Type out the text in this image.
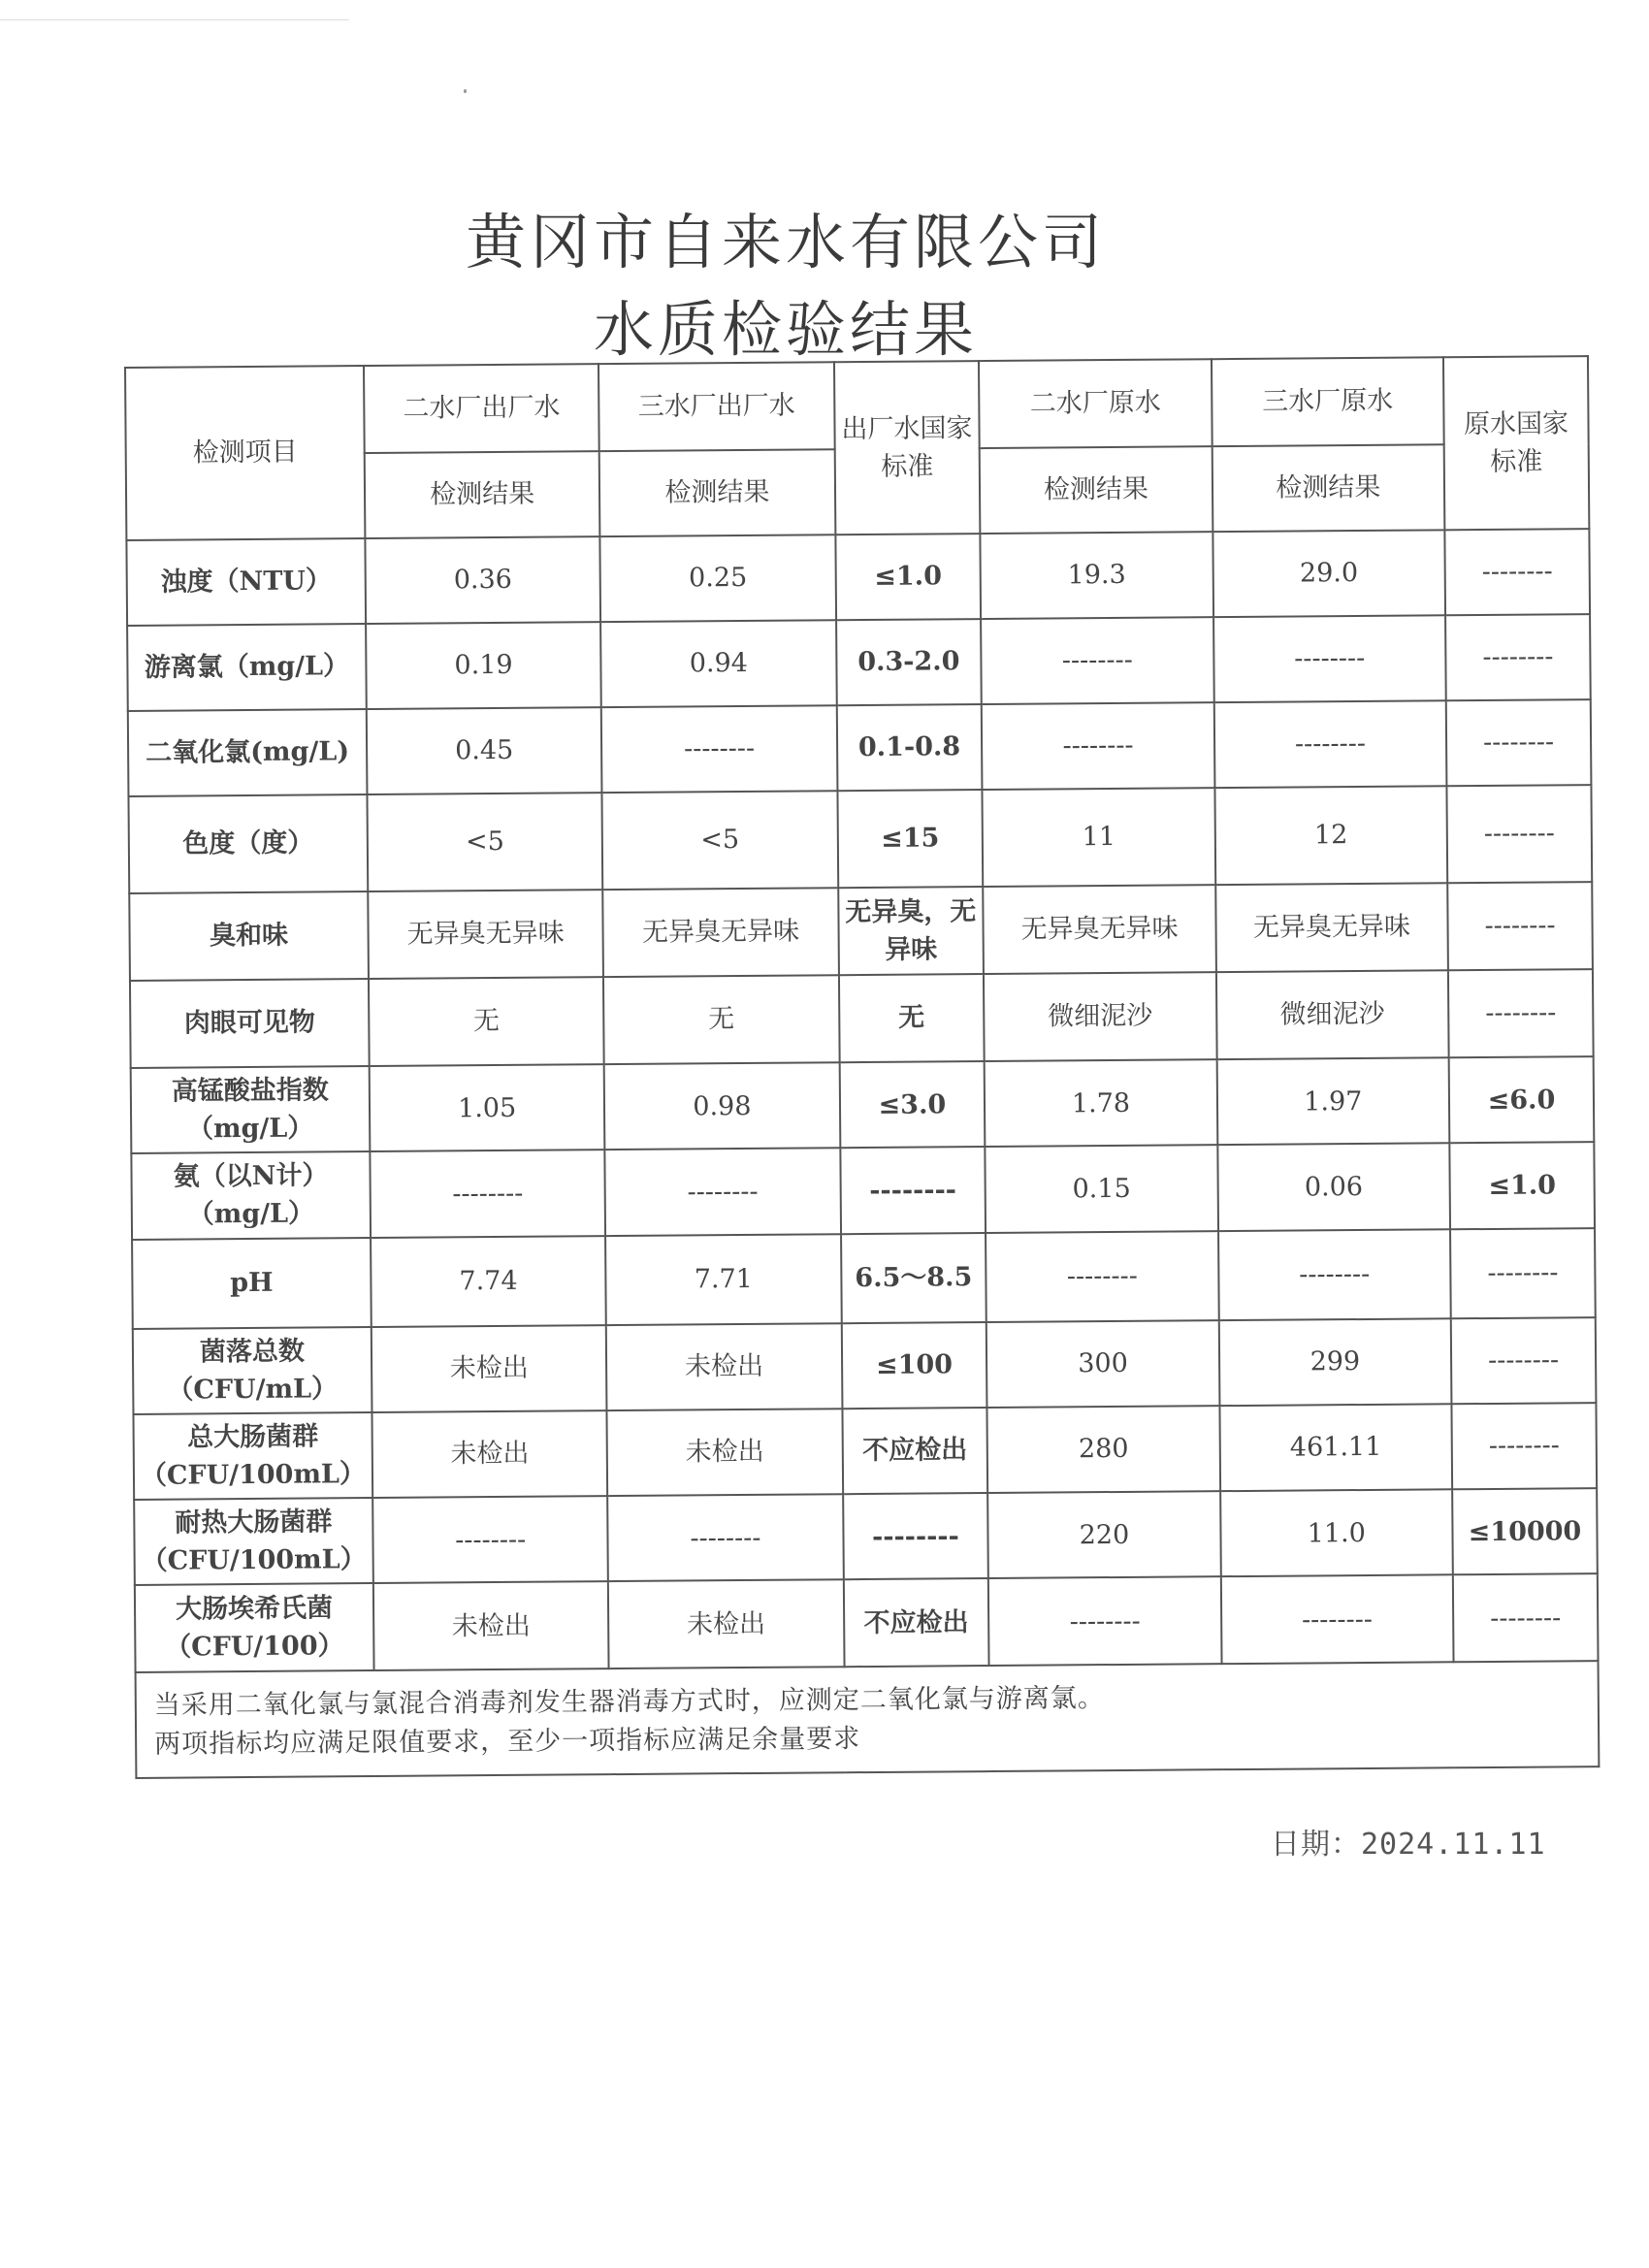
黄冈市自来水有限公司
水质检验结果
检测项目	二水厂出厂水	三水厂出厂水	出厂水国家标准	二水厂原水	三水厂原水	原水国家标准
	检测结果	检测结果		检测结果	检测结果	
浊度（NTU）	0.36	0.25	≤1.0	19.3	29.0	--------
游离氯（mg/L）	0.19	0.94	0.3-2.0	--------	--------	--------
二氧化氯(mg/L)	0.45	--------	0.1-0.8	--------	--------	--------
色度（度）	<5	<5	≤15	11	12	--------
臭和味	无异臭无异味	无异臭无异味	无异臭，无异味	无异臭无异味	无异臭无异味	--------
肉眼可见物	无	无	无	微细泥沙	微细泥沙	--------
高锰酸盐指数（mg/L）	1.05	0.98	≤3.0	1.78	1.97	≤6.0
氨（以N计）（mg/L）	--------	--------	--------	0.15	0.06	≤1.0
pH	7.74	7.71	6.5～8.5	--------	--------	--------
菌落总数（CFU/mL）	未检出	未检出	≤100	300	299	--------
总大肠菌群（CFU/100mL）	未检出	未检出	不应检出	280	461.11	--------
耐热大肠菌群（CFU/100mL）	--------	--------	--------	220	11.0	≤10000
大肠埃希氏菌（CFU/100）	未检出	未检出	不应检出	--------	--------	--------

当采用二氧化氯与氯混合消毒剂发生器消毒方式时，应测定二氧化氯与游离氯。
两项指标均应满足限值要求，至少一项指标应满足余量要求						
日期：2024.11.11
